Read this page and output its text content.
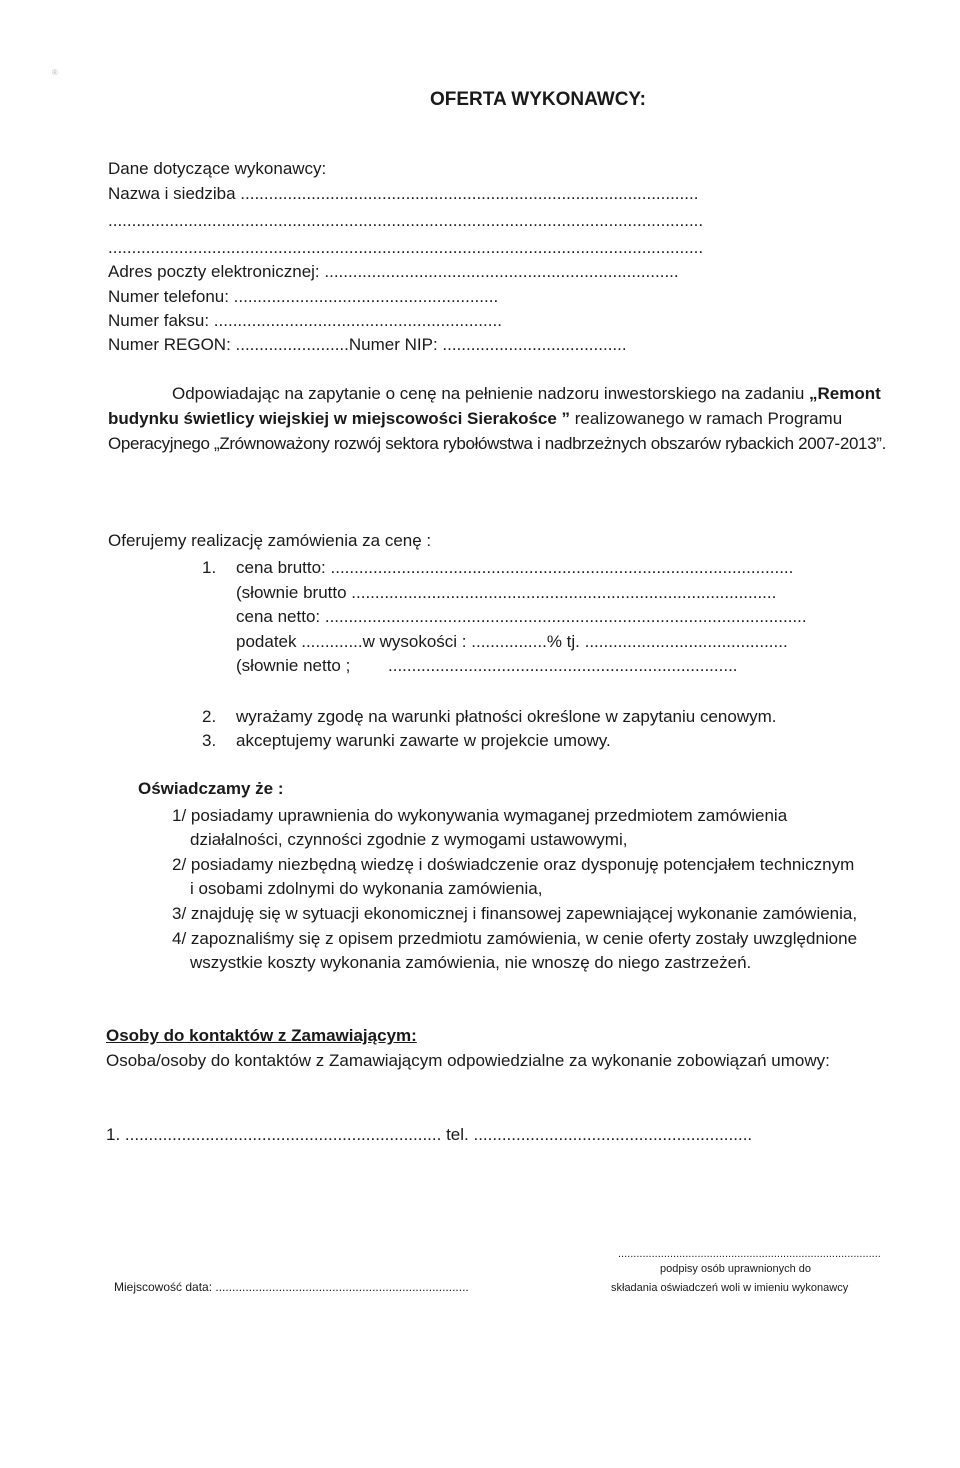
®
OFERTA WYKONAWCY:
Dane dotyczące wykonawcy:
Nazwa i siedziba .................................................................................................
..............................................................................................................................
..............................................................................................................................
Adres poczty elektronicznej: ...........................................................................
Numer telefonu: ........................................................
Numer faksu: .............................................................
Numer REGON: ........................Numer NIP: .......................................
Odpowiadając na zapytanie o cenę na pełnienie nadzoru inwestorskiego na zadaniu „Remont
budynku świetlicy wiejskiej w miejscowości Sierakośce ” realizowanego w ramach Programu
Operacyjnego „Zrównoważony rozwój sektora rybołówstwa i nadbrzeżnych obszarów rybackich 2007-2013”.
Oferujemy realizację zamówienia za cenę :
1. cena brutto: ..................................................................................................
(słownie brutto ..........................................................................................
cena netto: ......................................................................................................
podatek .............w wysokości : ................% tj. ...........................................
(słownie netto ; ..........................................................................
2. wyrażamy zgodę na warunki płatności określone w zapytaniu cenowym.
3. akceptujemy warunki zawarte w projekcie umowy.
Oświadczamy że :
1/ posiadamy uprawnienia do wykonywania wymaganej przedmiotem zamówienia
działalności, czynności zgodnie z wymogami ustawowymi,
2/ posiadamy niezbędną wiedzę i doświadczenie oraz dysponuję potencjałem technicznym
i osobami zdolnymi do wykonania zamówienia,
3/ znajduję się w sytuacji ekonomicznej i finansowej zapewniającej wykonanie zamówienia,
4/ zapoznaliśmy się z opisem przedmiotu zamówienia, w cenie oferty zostały uwzględnione
wszystkie koszty wykonania zamówienia, nie wnoszę do niego zastrzeżeń.
Osoby do kontaktów z Zamawiającym:
Osoba/osoby do kontaktów z Zamawiającym odpowiedzialne za wykonanie zobowiązań umowy:
1. ................................................................... tel. ...........................................................
......................................................................................
podpisy osób uprawnionych do
Miejscowość data: ............................................................................	składania oświadczeń woli w imieniu wykonawcy
